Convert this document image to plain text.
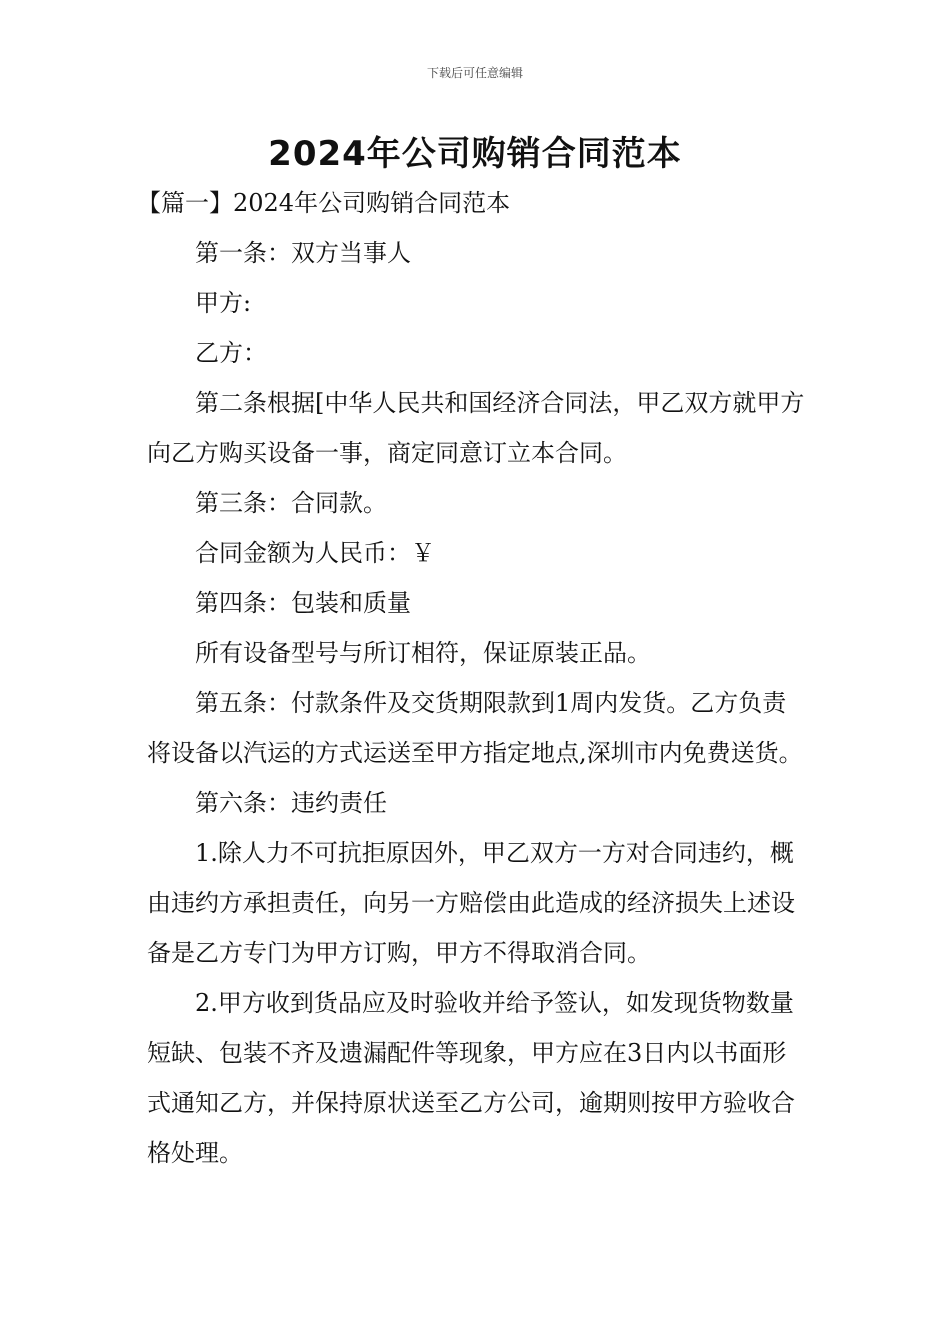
下载后可任意编辑
2024年公司购销合同范本

【篇一】2024年公司购销合同范本

第一条：双方当事人

甲方:

乙方：

第二条根据[中华人民共和国经济合同法，甲乙双方就甲方向乙方购买设备一事，商定同意订立本合同。

第三条：合同款。

合同金额为人民币：￥

第四条：包装和质量

所有设备型号与所订相符，保证原装正品。

第五条：付款条件及交货期限款到1周内发货。乙方负责将设备以汽运的方式运送至甲方指定地点,深圳市内免费送货。

第六条：违约责任

1.除人力不可抗拒原因外，甲乙双方一方对合同违约，概由违约方承担责任，向另一方赔偿由此造成的经济损失上述设备是乙方专门为甲方订购，甲方不得取消合同。

2.甲方收到货品应及时验收并给予签认，如发现货物数量短缺、包装不齐及遗漏配件等现象，甲方应在3日内以书面形式通知乙方，并保持原状送至乙方公司，逾期则按甲方验收合格处理。
